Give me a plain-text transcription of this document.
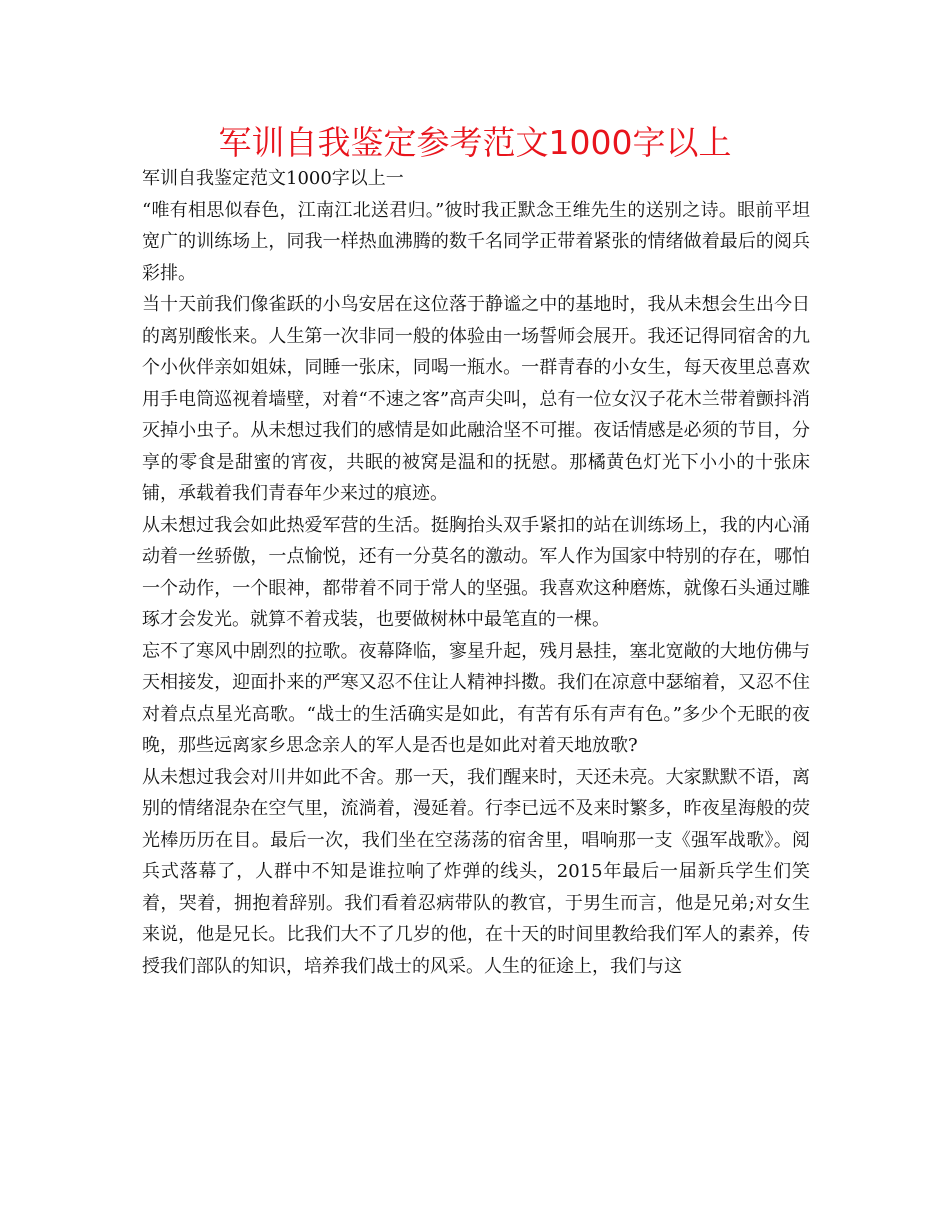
军训自我鉴定参考范文1000字以上

军训自我鉴定范文1000字以上一

“唯有相思似春色，江南江北送君归。”彼时我正默念王维先生的送别之诗。眼前平坦宽广的训练场上，同我一样热血沸腾的数千名同学正带着紧张的情绪做着最后的阅兵彩排。

当十天前我们像雀跃的小鸟安居在这位落于静谧之中的基地时，我从未想会生出今日的离别酸怅来。人生第一次非同一般的体验由一场誓师会展开。我还记得同宿舍的九个小伙伴亲如姐妹，同睡一张床，同喝一瓶水。一群青春的小女生，每天夜里总喜欢用手电筒巡视着墙壁，对着“不速之客”高声尖叫，总有一位女汉子花木兰带着颤抖消灭掉小虫子。从未想过我们的感情是如此融洽坚不可摧。夜话情感是必须的节目，分享的零食是甜蜜的宵夜，共眠的被窝是温和的抚慰。那橘黄色灯光下小小的十张床铺，承载着我们青春年少来过的痕迹。

从未想过我会如此热爱军营的生活。挺胸抬头双手紧扣的站在训练场上，我的内心涌动着一丝骄傲，一点愉悦，还有一分莫名的激动。军人作为国家中特别的存在，哪怕一个动作，一个眼神，都带着不同于常人的坚强。我喜欢这种磨炼，就像石头通过雕琢才会发光。就算不着戎装，也要做树林中最笔直的一棵。

忘不了寒风中剧烈的拉歌。夜幕降临，寥星升起，残月悬挂，塞北宽敞的大地仿佛与天相接发，迎面扑来的严寒又忍不住让人精神抖擞。我们在凉意中瑟缩着，又忍不住对着点点星光高歌。“战士的生活确实是如此，有苦有乐有声有色。”多少个无眠的夜晚，那些远离家乡思念亲人的军人是否也是如此对着天地放歌?

从未想过我会对川井如此不舍。那一天，我们醒来时，天还未亮。大家默默不语，离别的情绪混杂在空气里，流淌着，漫延着。行李已远不及来时繁多，昨夜星海般的荧光棒历历在目。最后一次，我们坐在空荡荡的宿舍里，唱响那一支《强军战歌》。阅兵式落幕了，人群中不知是谁拉响了炸弹的线头，2015年最后一届新兵学生们笑着，哭着，拥抱着辞别。我们看着忍病带队的教官，于男生而言，他是兄弟;对女生来说，他是兄长。比我们大不了几岁的他，在十天的时间里教给我们军人的素养，传授我们部队的知识，培养我们战士的风采。人生的征途上，我们与这
